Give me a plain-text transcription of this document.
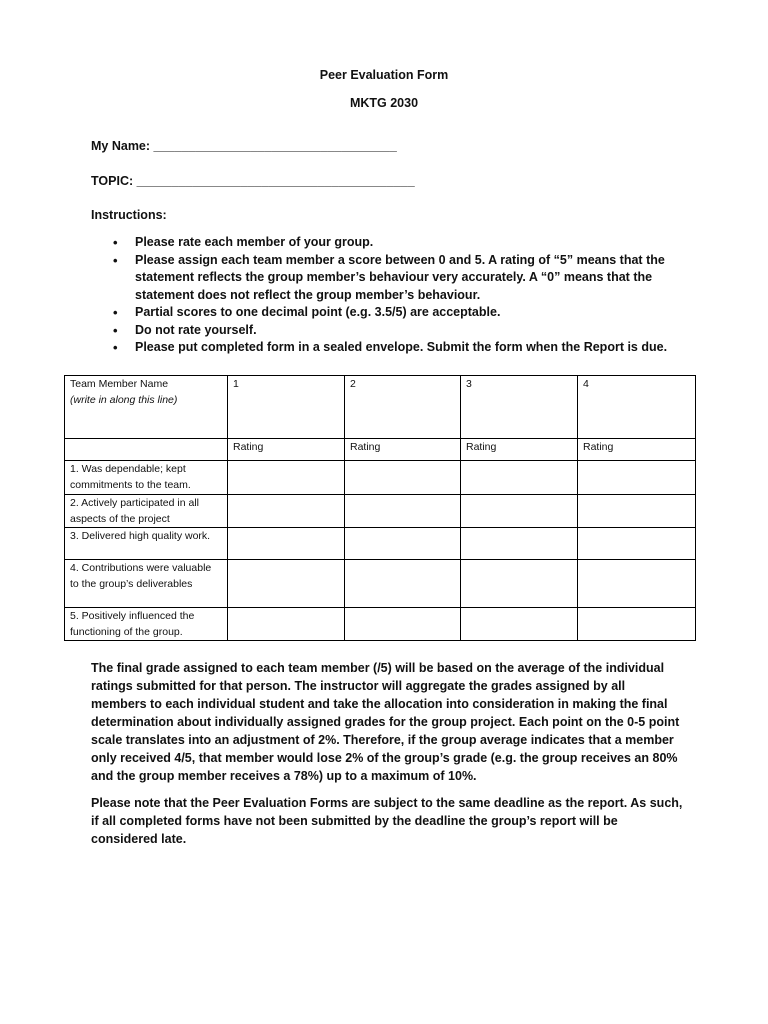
Peer Evaluation Form
MKTG 2030
My Name: ___________________________________
TOPIC: ________________________________________
Instructions:
• Please rate each member of your group.
• Please assign each team member a score between 0 and 5. A rating of “5” means that the statement reflects the group member’s behaviour very accurately. A “0” means that the statement does not reflect the group member’s behaviour.
• Partial scores to one decimal point (e.g. 3.5/5) are acceptable.
• Do not rate yourself.
• Please put completed form in a sealed envelope. Submit the form when the Report is due.
Team Member Name
(write in along this line)	1	2	3	4
	Rating	Rating	Rating	Rating
1. Was dependable; kept commitments to the team.				
2. Actively participated in all aspects of the project				
3. Delivered high quality work.				
4. Contributions were valuable to the group’s deliverables				
5. Positively influenced the functioning of the group.				

The final grade assigned to each team member (/5) will be based on the average of the individual ratings submitted for that person. The instructor will aggregate the grades assigned by all members to each individual student and take the allocation into consideration in making the final determination about individually assigned grades for the group project. Each point on the 0-5 point scale translates into an adjustment of 2%. Therefore, if the group average indicates that a member only received 4/5, that member would lose 2% of the group’s grade (e.g. the group receives an 80% and the group member receives a 78%) up to a maximum of 10%.

Please note that the Peer Evaluation Forms are subject to the same deadline as the report. As such, if all completed forms have not been submitted by the deadline the group’s report will be considered late.
